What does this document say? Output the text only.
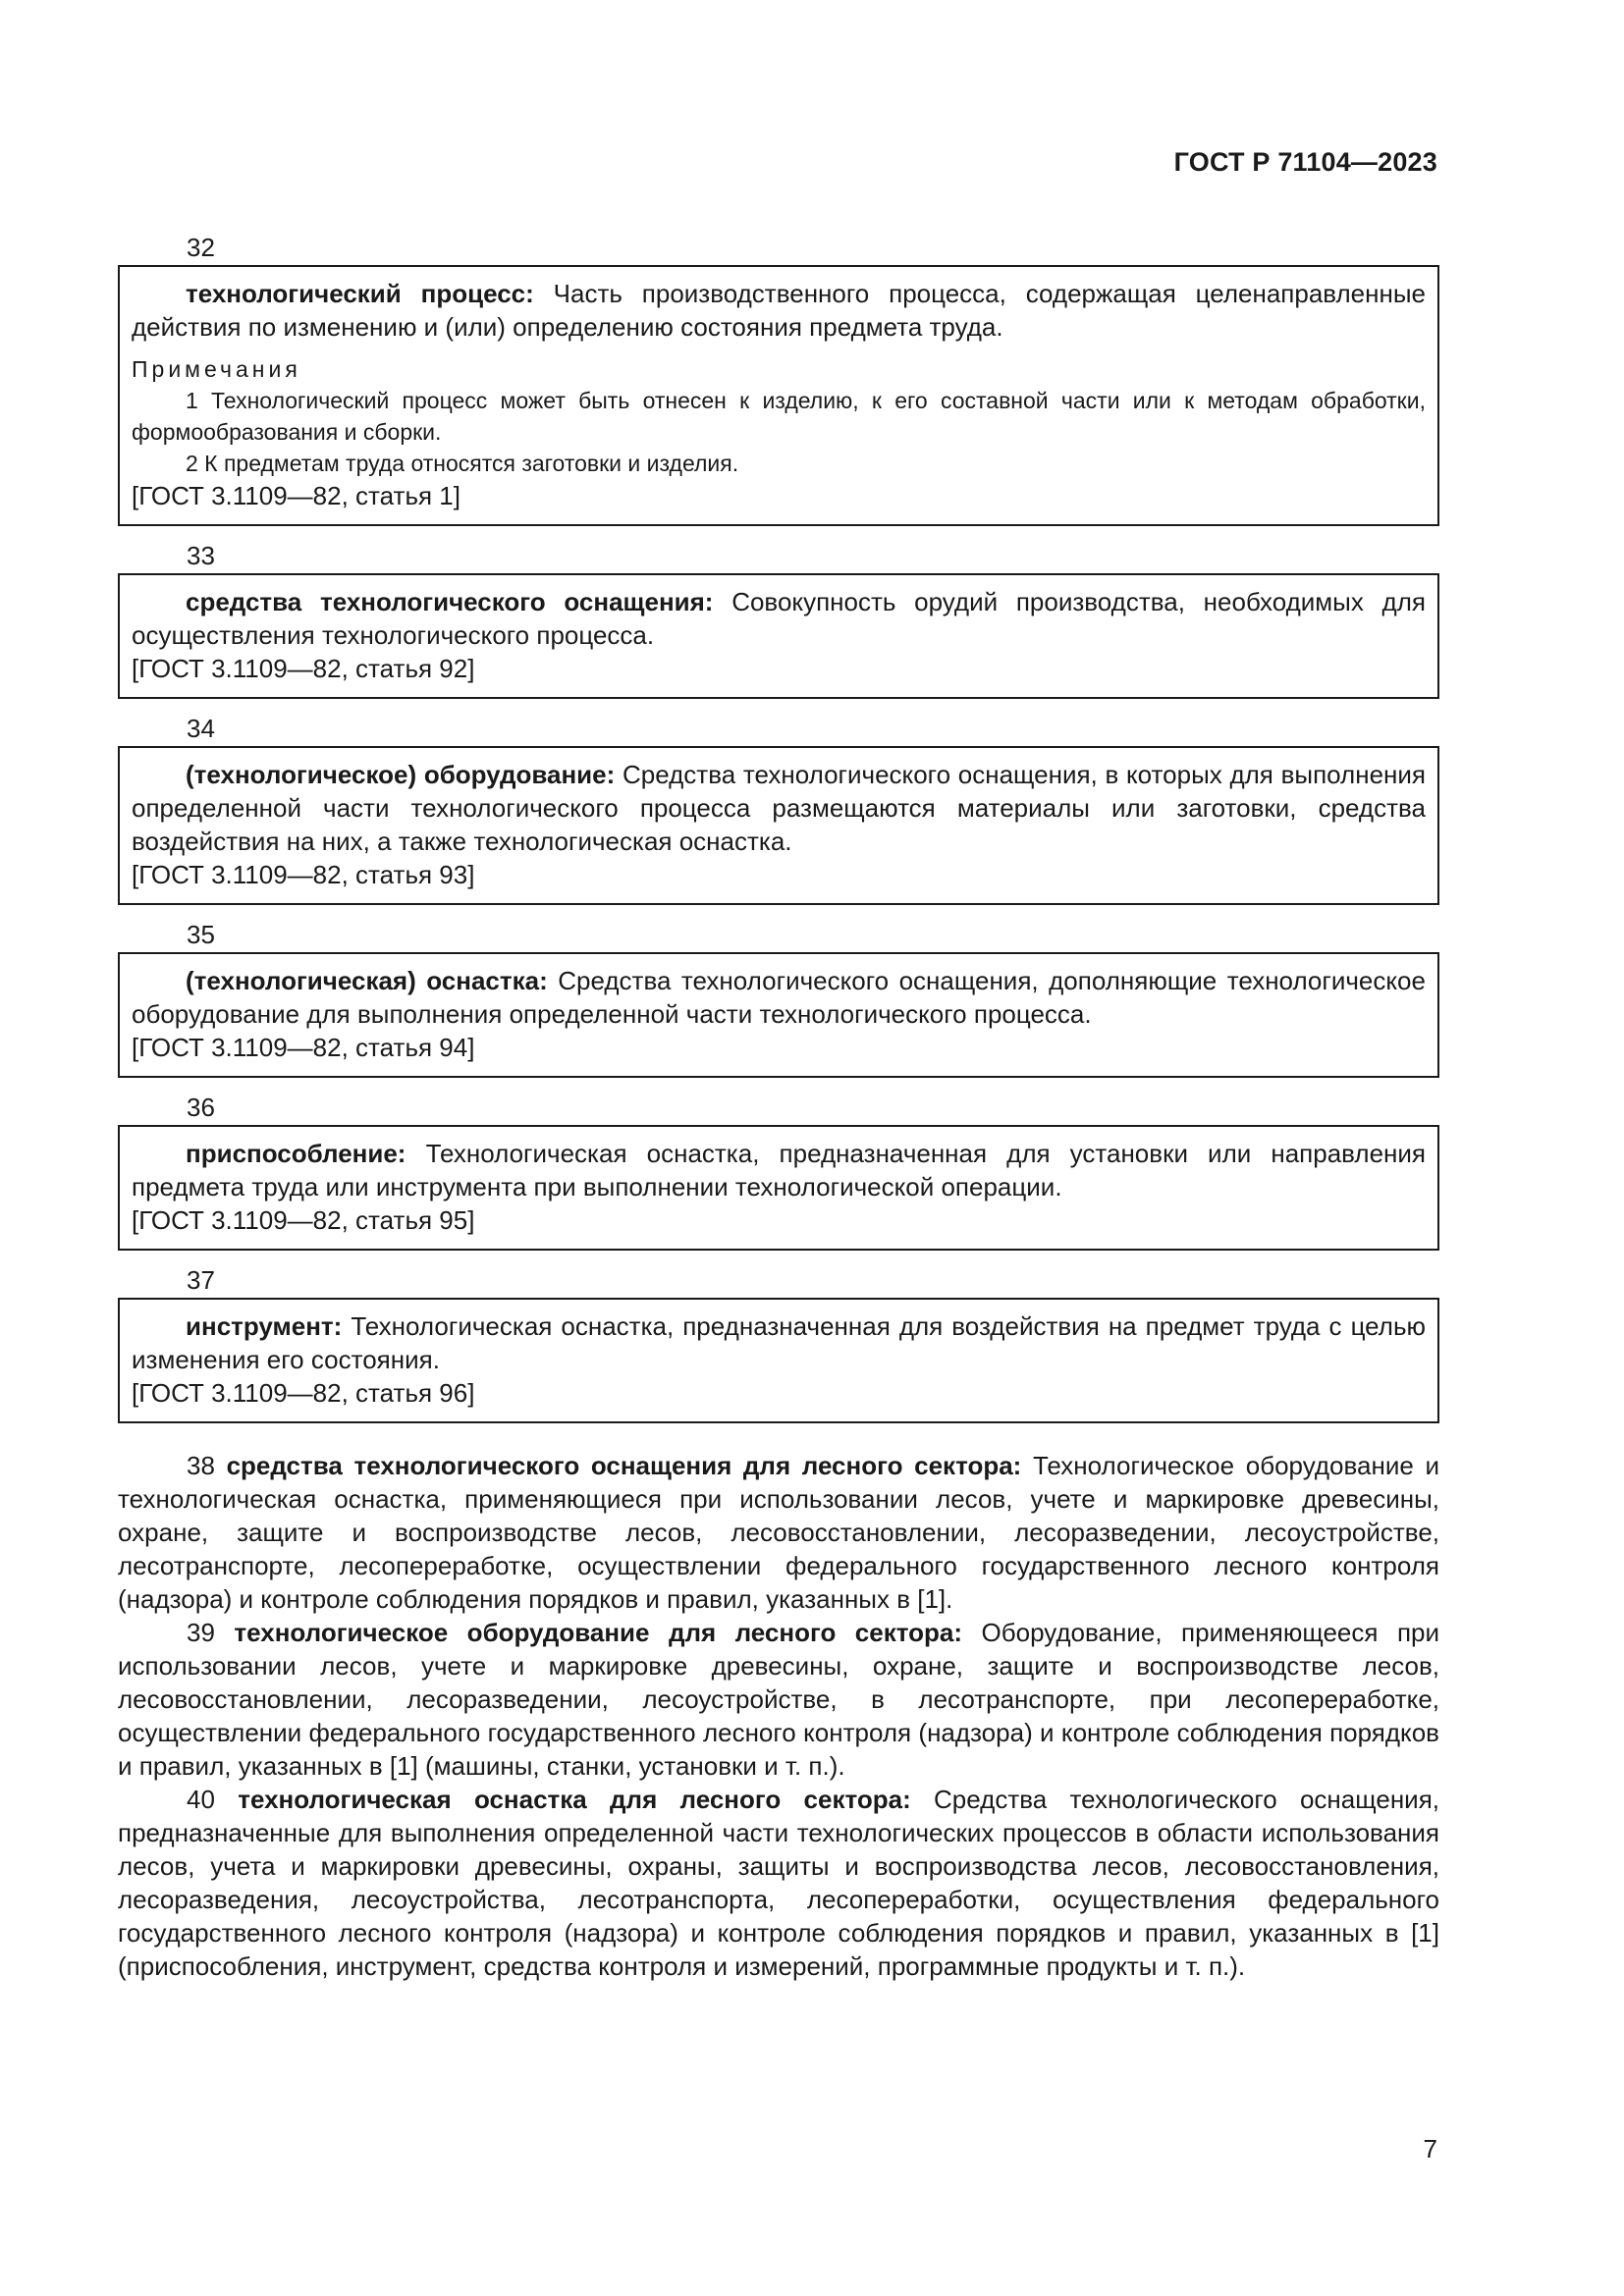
ГОСТ Р 71104—2023
32

технологический процесс: Часть производственного процесса, содержащая целенаправленные действия по изменению и (или) определению состояния предмета труда.

Примечания

1 Технологический процесс может быть отнесен к изделию, к его составной части или к методам обработки, формообразования и сборки.

2 К предметам труда относятся заготовки и изделия.

[ГОСТ 3.1109—82, статья 1]

33

средства технологического оснащения: Совокупность орудий производства, необходимых для осуществления технологического процесса.

[ГОСТ 3.1109—82, статья 92]

34

(технологическое) оборудование: Средства технологического оснащения, в которых для выполнения определенной части технологического процесса размещаются материалы или заготовки, средства воздействия на них, а также технологическая оснастка.

[ГОСТ 3.1109—82, статья 93]

35

(технологическая) оснастка: Средства технологического оснащения, дополняющие технологическое оборудование для выполнения определенной части технологического процесса.

[ГОСТ 3.1109—82, статья 94]

36

приспособление: Технологическая оснастка, предназначенная для установки или направления предмета труда или инструмента при выполнении технологической операции.

[ГОСТ 3.1109—82, статья 95]

37

инструмент: Технологическая оснастка, предназначенная для воздействия на предмет труда с целью изменения его состояния.

[ГОСТ 3.1109—82, статья 96]

38 средства технологического оснащения для лесного сектора: Технологическое оборудование и технологическая оснастка, применяющиеся при использовании лесов, учете и маркировке древесины, охране, защите и воспроизводстве лесов, лесовосстановлении, лесоразведении, лесоустройстве, лесотранспорте, лесопереработке, осуществлении федерального государственного лесного контроля (надзора) и контроле соблюдения порядков и правил, указанных в [1].

39 технологическое оборудование для лесного сектора: Оборудование, применяющееся при использовании лесов, учете и маркировке древесины, охране, защите и воспроизводстве лесов, лесовосстановлении, лесоразведении, лесоустройстве, в лесотранспорте, при лесопереработке, осуществлении федерального государственного лесного контроля (надзора) и контроле соблюдения порядков и правил, указанных в [1] (машины, станки, установки и т. п.).

40 технологическая оснастка для лесного сектора: Средства технологического оснащения, предназначенные для выполнения определенной части технологических процессов в области использования лесов, учета и маркировки древесины, охраны, защиты и воспроизводства лесов, лесовосстановления, лесоразведения, лесоустройства, лесотранспорта, лесопереработки, осуществления федерального государственного лесного контроля (надзора) и контроле соблюдения порядков и правил, указанных в [1] (приспособления, инструмент, средства контроля и измерений, программные продукты и т. п.).

7
